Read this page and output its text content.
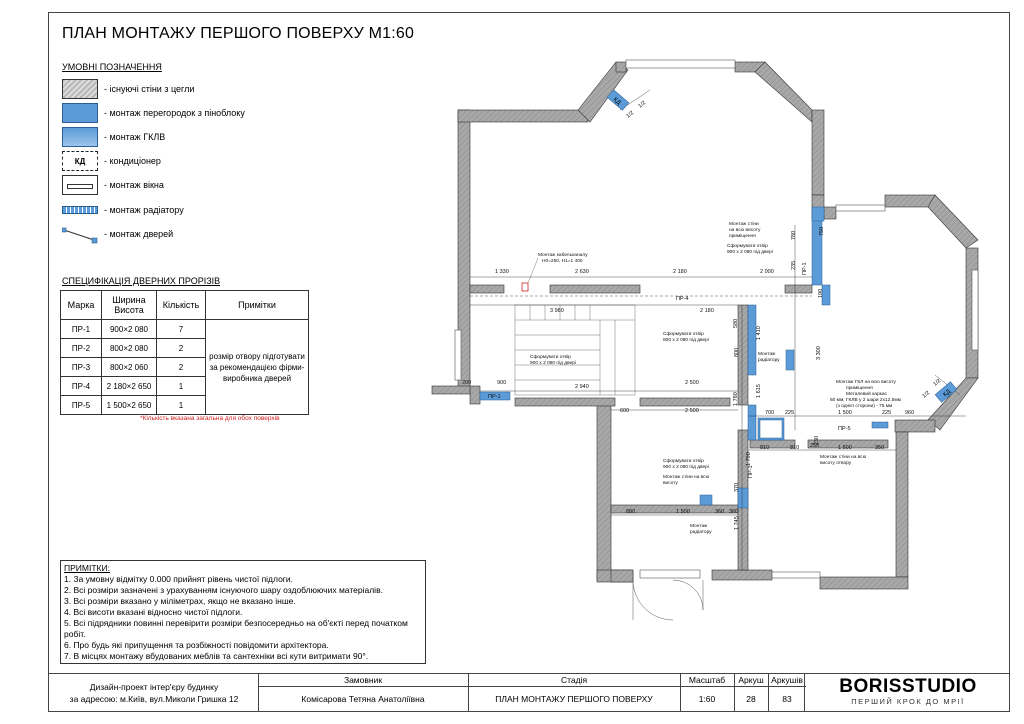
ПЛАН МОНТАЖУ ПЕРШОГО ПОВЕРХУ М1:60
УМОВНІ ПОЗНАЧЕННЯ
- існуючі стіни з цегли
- монтаж перегородок з піноблоку
- монтаж ГКЛВ
КД	- кондиціонер
- монтаж вікна
- монтаж радіатору
- монтаж дверей
СПЕЦИФІКАЦІЯ ДВЕРНИХ ПРОРІЗІВ
Марка	Ширина Висота	Кількість	Примітки
ПР-1	900×2 080	7	розмір отвору підготувати за рекомендацією фірми-виробника дверей
ПР-2	800×2 080	2	
ПР-3	800×2 060	2	
ПР-4	2 180×2 650	1	
ПР-5	1 500×2 650	1	
*Кількість вказана загальна для обох поверхів
ПРИМІТКИ:
1. За умовну відмітку 0.000 прийнят рівень чистої підлоги.
2. Всі розміри зазначені з урахуванням існуючого шару оздоблюючих матеріалів.
3. Всі розміри вказано у міліметрах, якщо не вказано інше.
4. Всі висоти вказані відносно чистої підлоги.
5. Всі підрядники повинні перевірити розміри безпосередньо на об'єкті перед початком робіт.
6. Про будь які припущення та розбіжності повідомити архітектора.
7. В місцях монтажу вбудованих меблів та сантехніки всі кути витримати 90°.
КД
КД
1 330	2 630	2 180	2 000
3 980	2 180
200	900
2 940
2 500
600	2 500	1 500	225	960
1 500	350
810	810 250
880	1 500	360 360
700 225
750
3 300
1 410
1 615
1 780
580
1 790
1 745
780
800
190
230
235
370
ПР-4
ПР-1
ПР-5
ПР-1
ПР-1
1/2
1/2
1/2
1/2
Монтаж кабельканалу
H0=250, H1=1 400
Сформувати отвір
900 x 2 080 під двері
Сформувати отвір
900 x 2 080 під двері
Сформувати отвір
800 x 2 080 під двері
Сформувати отвір
900 x 2 080 під двері
Монтаж стіни
на всю висоту
приміщення
Монтаж
радіатору
Монтаж
радіатору
Монтаж ГКЛ на всю висоту
приміщення
Металевий каркас
60 мм, ГКЛВ у 2 шари 2х12,5мм
(з однієї сторони) - 75 мм
Монтаж стіни на всю
висоту отвору
Монтаж стіни на всю
висоту
Дизайн-проект інтер'єру будинку
за адресою: м.Київ, вул.Миколи Гришка 12
Замовник
Комісарова Тетяна Анатоліївна
Стадія
ПЛАН МОНТАЖУ ПЕРШОГО ПОВЕРХУ
Масштаб
1:60
Аркуш
28
Аркушів
83
BORISSTUDIO
ПЕРШИЙ КРОК ДО МРІЇ
